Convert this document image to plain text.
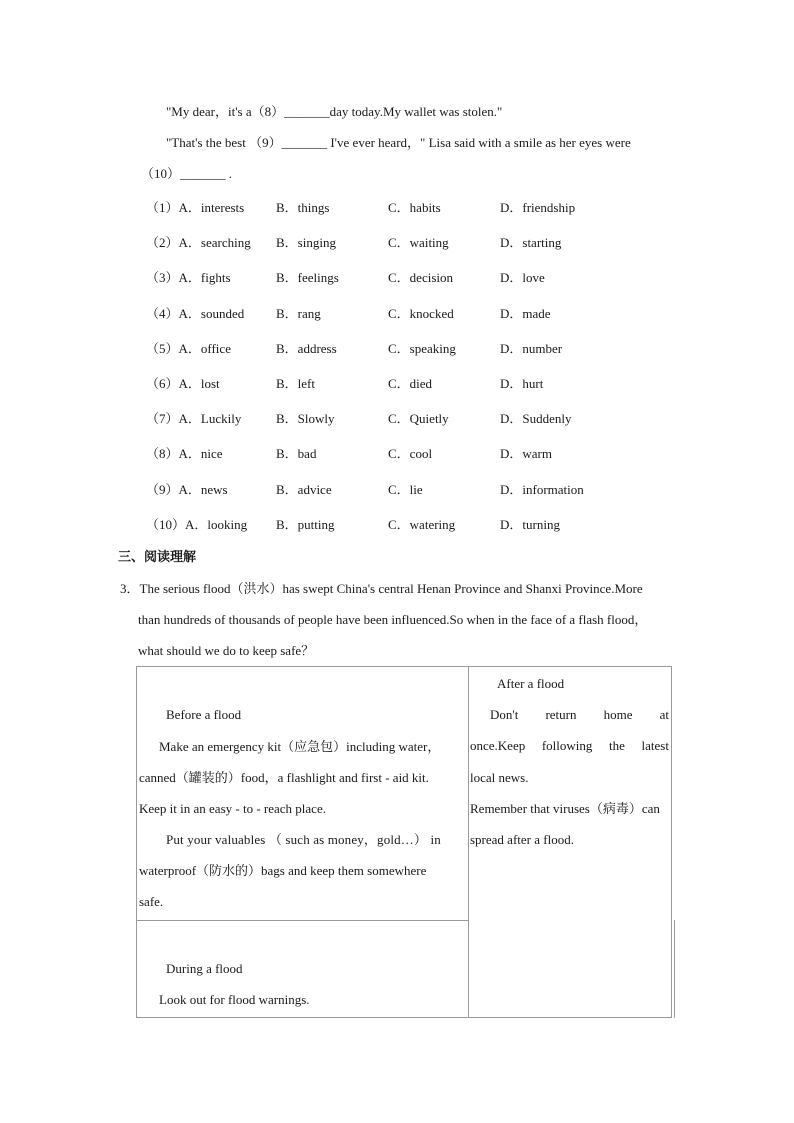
"My dear，it's a（8）_______day today.My wallet was stolen."
"That's the best （9）_______ I've ever heard，" Lisa said with a smile as her eyes were
（10）_______ .
（1）A．interests B．things	C．habits	D．friendship
（2）A．searching B．singing	C．waiting	D．starting
（3）A．fights	B．feelings	C．decision	D．love
（4）A．sounded B．rang	C．knocked	D．made
（5）A．office	B．address	C．speaking	D．number
（6）A．lost	B．left	C．died	D．hurt
（7）A．Luckily	B．Slowly	C．Quietly	D．Suddenly
（8）A．nice	B．bad	C．cool	D．warm
（9）A．news	B．advice	C．lie	D．information
（10）A．looking B．putting	C．watering	D．turning
三、阅读理解
3．The serious flood（洪水）has swept China's central Henan Province and Shanxi Province.More
than hundreds of thousands of people have been influenced.So when in the face of a flash flood，
what should we do to keep safe？
Before a flood
Make an emergency kit（应急包）including water，
canned（罐装的）food，a flashlight and first - aid kit.
Keep it in an easy - to - reach place.
Put your valuables （ such as money，gold…） in
waterproof（防水的）bags and keep them somewhere
safe.
After a flood
Don't return home at
once.Keep following the latest
local news.
Remember that viruses（病毒）can
spread after a flood.
During a flood
Look out for flood warnings.
